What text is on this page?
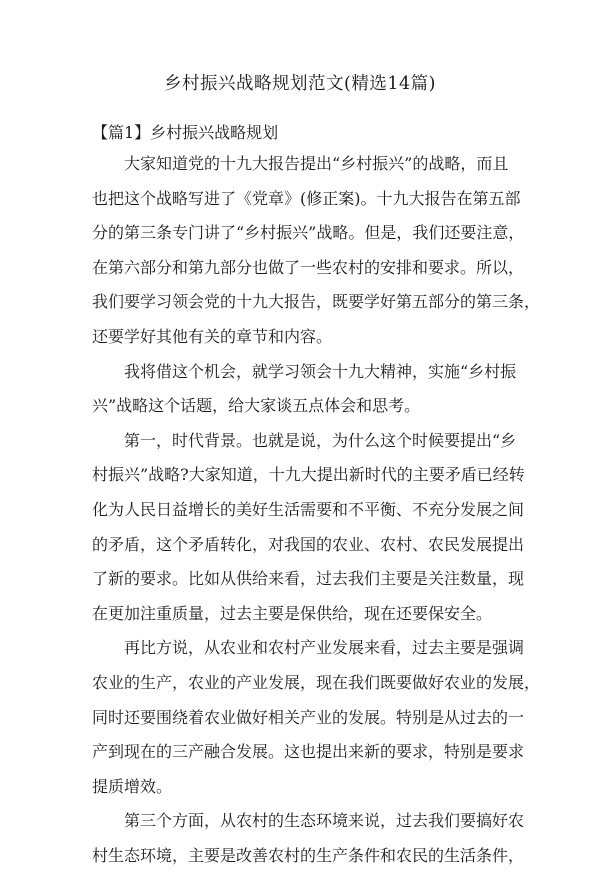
乡村振兴战略规划范文(精选14篇)
【篇1】乡村振兴战略规划
大家知道党的十九大报告提出“乡村振兴”的战略，而且
也把这个战略写进了《党章》(修正案)。十九大报告在第五部
分的第三条专门讲了“乡村振兴”战略。但是，我们还要注意，
在第六部分和第九部分也做了一些农村的安排和要求。所以，
我们要学习领会党的十九大报告，既要学好第五部分的第三条，
还要学好其他有关的章节和内容。
我将借这个机会，就学习领会十九大精神，实施“乡村振
兴”战略这个话题，给大家谈五点体会和思考。
第一，时代背景。也就是说，为什么这个时候要提出“乡
村振兴”战略?大家知道，十九大提出新时代的主要矛盾已经转
化为人民日益增长的美好生活需要和不平衡、不充分发展之间
的矛盾，这个矛盾转化，对我国的农业、农村、农民发展提出
了新的要求。比如从供给来看，过去我们主要是关注数量，现
在更加注重质量，过去主要是保供给，现在还要保安全。
再比方说，从农业和农村产业发展来看，过去主要是强调
农业的生产，农业的产业发展，现在我们既要做好农业的发展，
同时还要围绕着农业做好相关产业的发展。特别是从过去的一
产到现在的三产融合发展。这也提出来新的要求，特别是要求
提质增效。
第三个方面，从农村的生态环境来说，过去我们要搞好农
村生态环境，主要是改善农村的生产条件和农民的生活条件，
